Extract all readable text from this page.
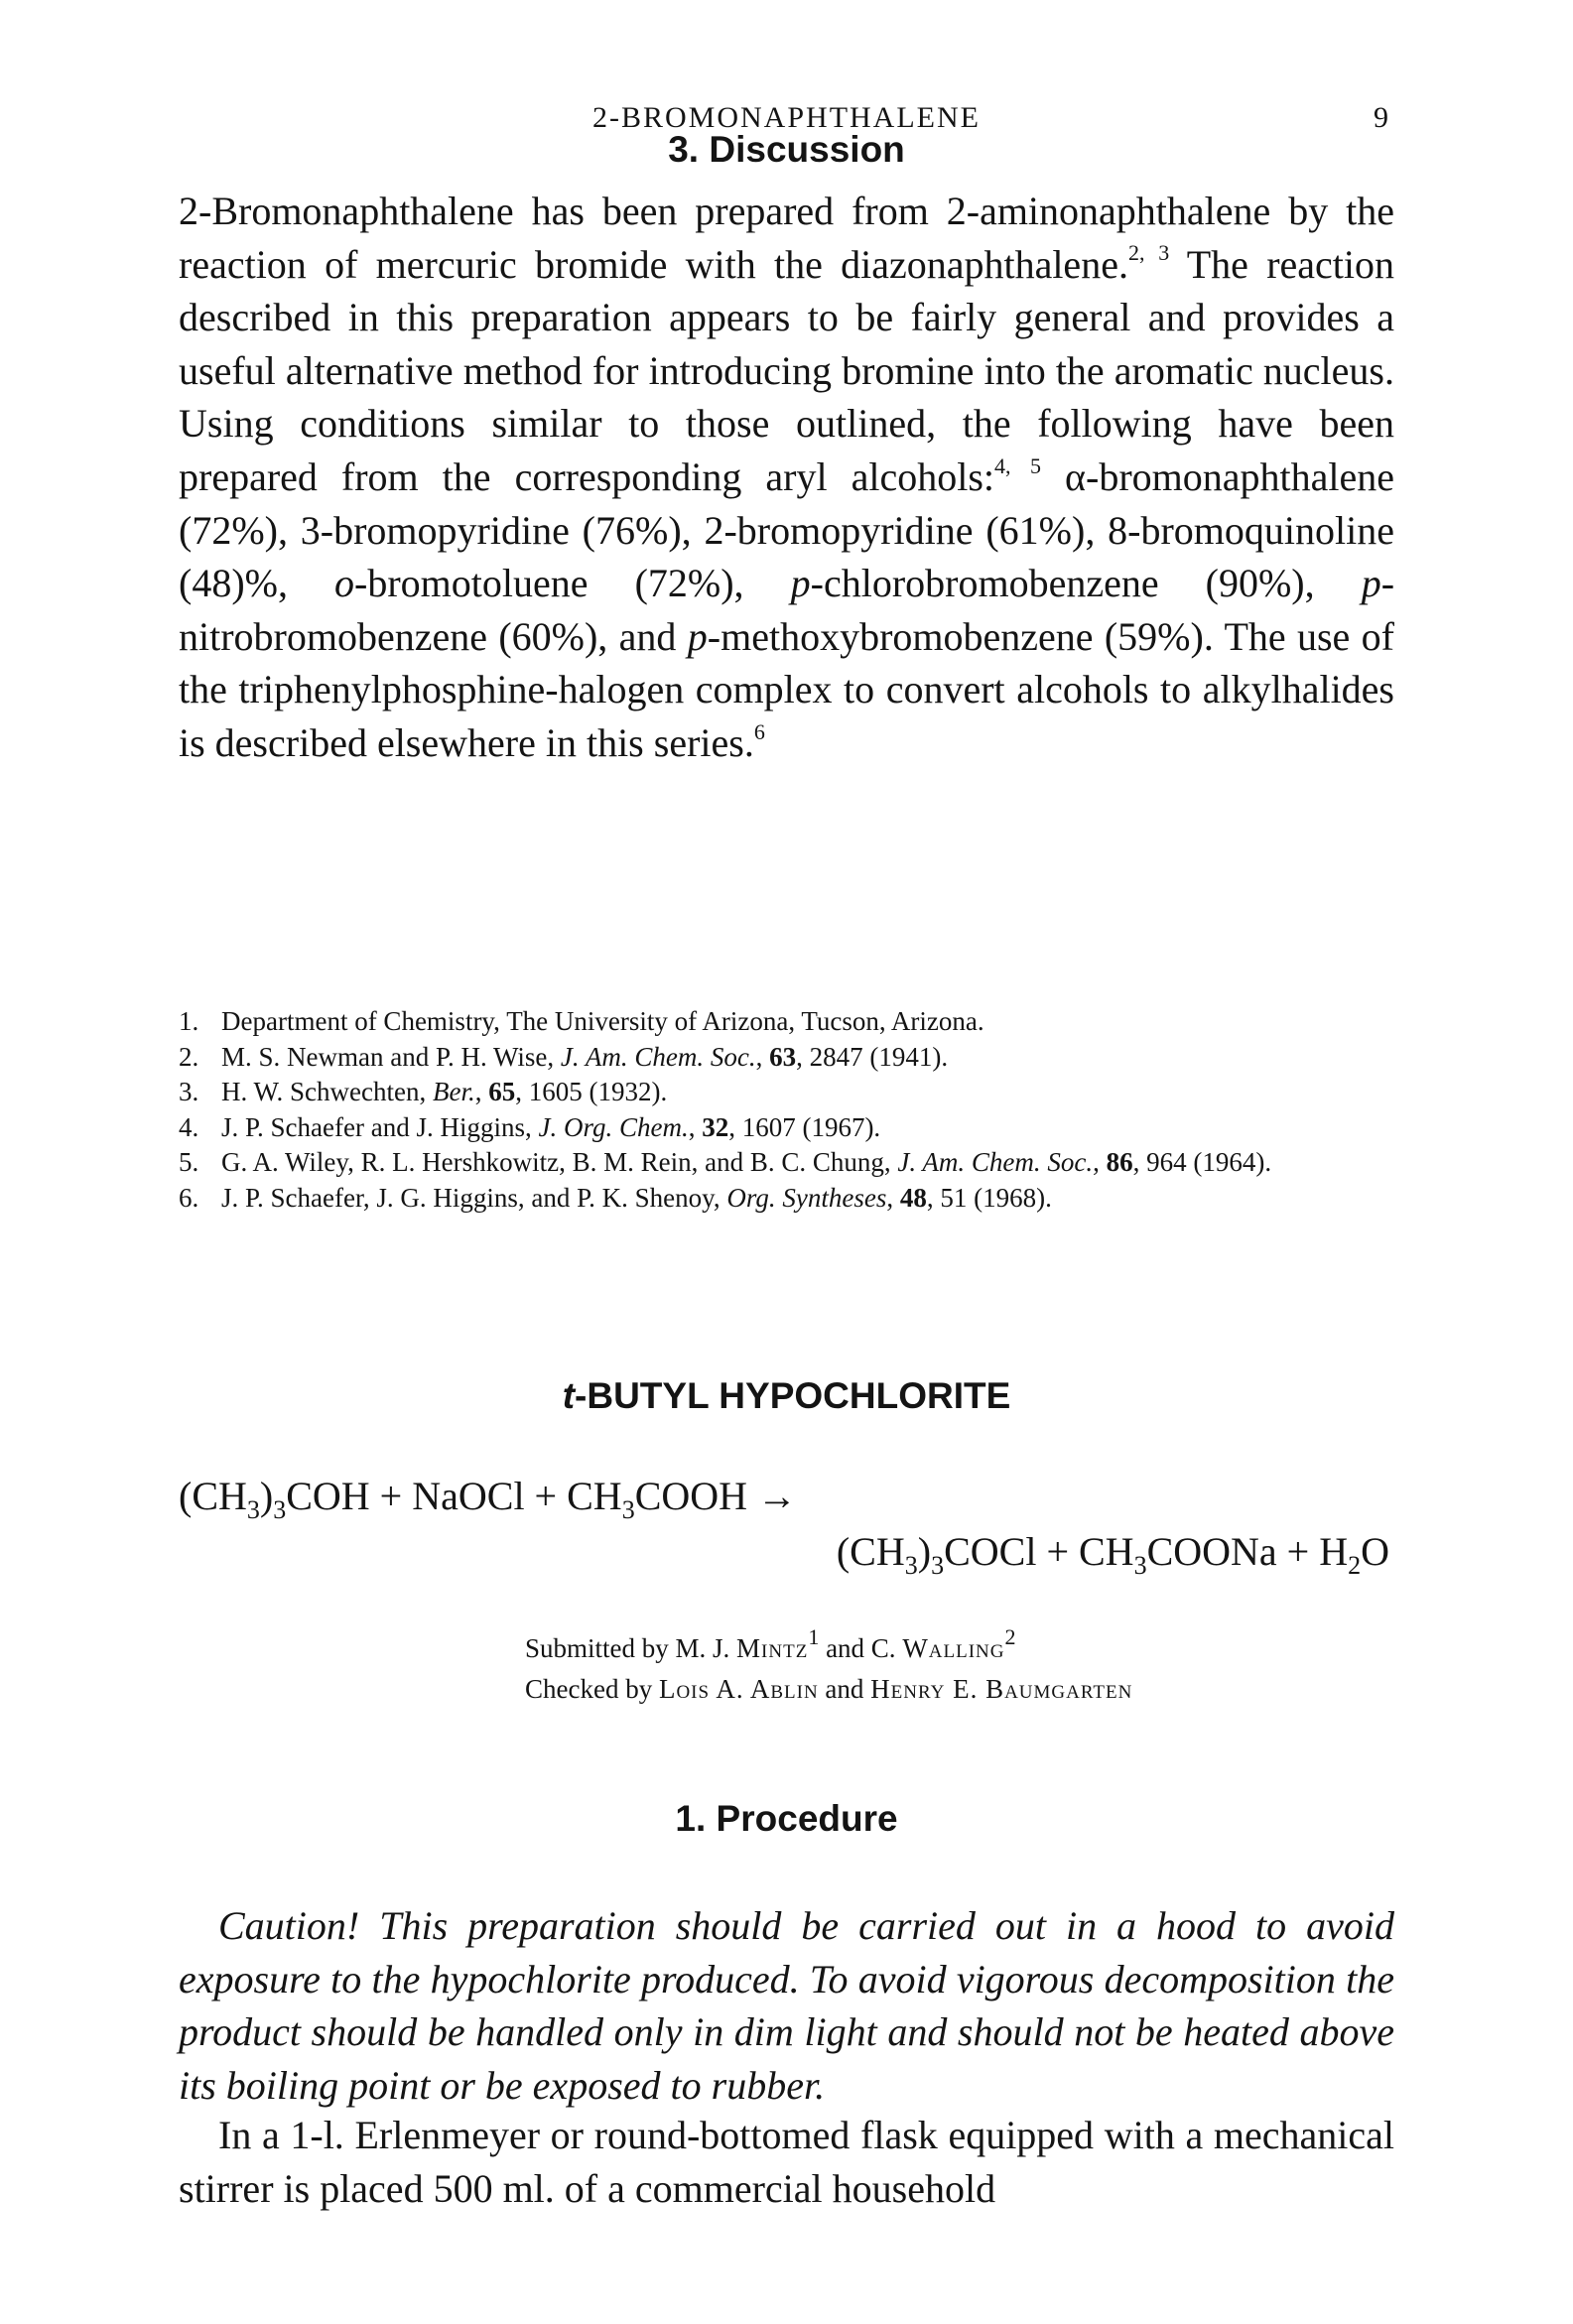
2-BROMONAPHTHALENE	9
3. Discussion

2-Bromonaphthalene has been prepared from 2-aminonaphthalene by the reaction of mercuric bromide with the diazonaphthalene.$^{2, 3}$ The reaction described in this preparation appears to be fairly general and provides a useful alternative method for introducing bromine into the aromatic nucleus. Using conditions similar to those outlined, the following have been prepared from the corresponding aryl alcohols:$^{4, 5}$ α-bromonaphthalene (72%), 3-bromopyridine (76%), 2-bromopyridine (61%), 8-bromoquinoline (48)%, o-bromotoluene (72%), p-chlorobromobenzene (90%), p-nitrobromobenzene (60%), and p-methoxybromobenzene (59%). The use of the triphenylphosphine-halogen complex to convert alcohols to alkylhalides is described elsewhere in this series.$^6$

1. Department of Chemistry, The University of Arizona, Tucson, Arizona.
2. M. S. Newman and P. H. Wise, J. Am. Chem. Soc., 63, 2847 (1941).
3. H. W. Schwechten, Ber., 65, 1605 (1932).
4. J. P. Schaefer and J. Higgins, J. Org. Chem., 32, 1607 (1967).
5. G. A. Wiley, R. L. Hershkowitz, B. M. Rein, and B. C. Chung, J. Am. Chem. Soc., 86, 964 (1964).
6. J. P. Schaefer, J. G. Higgins, and P. K. Shenoy, Org. Syntheses, 48, 51 (1968).
t-BUTYL HYPOCHLORITE
$(CH_3)_3COH$ + NaOCl + $CH_3COOH$ →
$(CH_3)_3COCl$ + $CH_3COONa + H_2O$
Submitted by M. J. Mintz$^1$ and C. Walling$^2$
Checked by Lois A. Ablin and Henry E. Baumgarten
1. Procedure
Caution! This preparation should be carried out in a hood to avoid exposure to the hypochlorite produced. To avoid vigorous decomposition the product should be handled only in dim light and should not be heated above its boiling point or be exposed to rubber.
In a 1-l. Erlenmeyer or round-bottomed flask equipped with a mechanical stirrer is placed 500 ml. of a commercial household
